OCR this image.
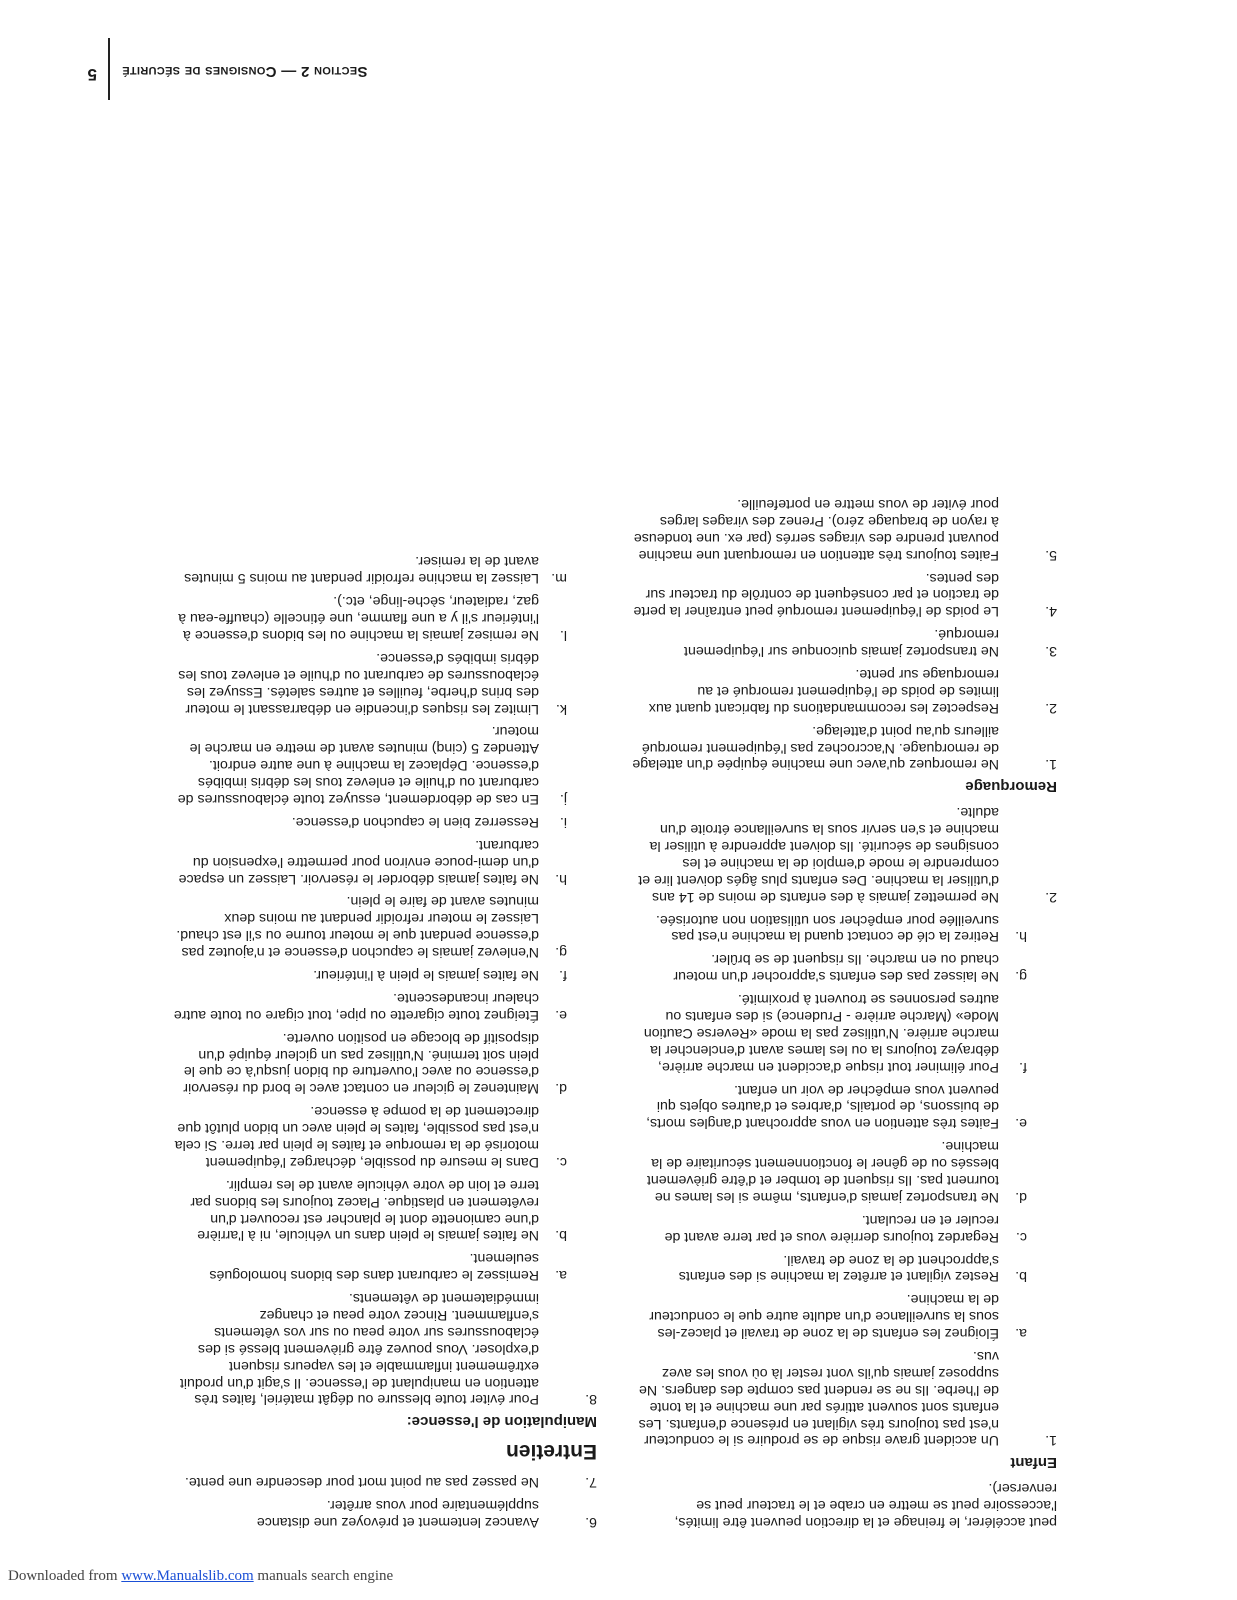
Section 2 — Consignes de sécurité
5
peut accélérer, le freinage et la direction peuvent être limités, l'accessoire peut se mettre en crabe et le tracteur peut se renverser).
Enfant
1.
Un accident grave risque de se produire si le conducteur n'est pas toujours très vigilant en présence d'enfants. Les enfants sont souvent attirés par une machine et la tonte de l'herbe. Ils ne se rendent pas compte des dangers. Ne supposez jamais qu'ils vont rester là où vous les avez vus.
a.
Éloignez les enfants de la zone de travail et placez-les sous la surveillance d'un adulte autre que le conducteur de la machine.
b.
Restez vigilant et arrêtez la machine si des enfants s'approchent de la zone de travail.
c.
Regardez toujours derrière vous et par terre avant de reculer et en reculant.
d.
Ne transportez jamais d'enfants, même si les lames ne tournent pas. Ils risquent de tomber et d'être grièvement blessés ou de gêner le fonctionnement sécuritaire de la machine.
e.
Faites très attention en vous approchant d'angles morts, de buissons, de portails, d'arbres et d'autres objets qui peuvent vous empêcher de voir un enfant.
f.
Pour éliminer tout risque d'accident en marche arrière, débrayez toujours la ou les lames avant d'enclencher la marche arrière. N'utilisez pas la mode «Reverse Caution Mode» (Marche arrière - Prudence) si des enfants ou autres personnes se trouvent à proximité.
g.
Ne laissez pas des enfants s'approcher d'un moteur chaud ou en marche. Ils risquent de se brûler.
h.
Retirez la clé de contact quand la machine n'est pas surveillée pour empêcher son utilisation non autorisée.
2.
Ne permettez jamais à des enfants de moins de 14 ans d'utiliser la machine. Des enfants plus âgés doivent lire et comprendre le mode d'emploi de la machine et les consignes de sécurité. Ils doivent apprendre à utiliser la machine et s'en servir sous la surveillance étroite d'un adulte.
Remorquage
1.
Ne remorquez qu'avec une machine équipée d'un attelage de remorquage. N'accrochez pas l'équipement remorqué ailleurs qu'au point d'attelage.
2.
Respectez les recommandations du fabricant quant aux limites de poids de l'équipement remorqué et au remorquage sur pente.
3.
Ne transportez jamais quiconque sur l'équipement remorqué.
4.
Le poids de l'équipement remorqué peut entraîner la perte de traction et par conséquent de contrôle du tracteur sur des pentes.
5.
Faites toujours très attention en remorquant une machine pouvant prendre des virages serrés (par ex. une tondeuse à rayon de braquage zéro). Prenez des virages larges pour éviter de vous mettre en portefeuille.
6.
Avancez lentement et prévoyez une distance supplémentaire pour vous arrêter.
7.
Ne passez pas au point mort pour descendre une pente.
Entretien
Manipulation de l'essence:
8.
Pour éviter toute blessure ou dégât matériel, faites très attention en manipulant de l'essence. Il s'agit d'un produit extrêmement inflammable et les vapeurs risquent d'exploser. Vous pouvez être grièvement blessé si des éclaboussures sur votre peau ou sur vos vêtements s'enflamment. Rincez votre peau et changez immédiatement de vêtements.
a.
Remissez le carburant dans des bidons homologués seulement.
b.
Ne faites jamais le plein dans un véhicule, ni à l'arrière d'une camionette dont le plancher est recouvert d'un revêtement en plastique. Placez toujours les bidons par terre et loin de votre véhicule avant de les remplir.
c.
Dans le mesure du possible, déchargez l'équipement motorisé de la remorque et faites le plein par terre. Si cela n'est pas possible, faites le plein avec un bidon plutôt que directement de la pompe à essence.
d.
Maintenez le gicleur en contact avec le bord du réservoir d'essence ou avec l'ouverture du bidon jusqu'à ce que le plein soit terminé. N'utilisez pas un gicleur équipé d'un dispositif de blocage en position ouverte.
e.
Éteignez toute cigarette ou pipe, tout cigare ou toute autre chaleur incandescente.
f.
Ne faites jamais le plein à l'intérieur.
g.
N'enlevez jamais le capuchon d'essence et n'ajoutez pas d'essence pendant que le moteur tourne ou s'il est chaud. Laissez le moteur refroidir pendant au moins deux minutes avant de faire le plein.
h.
Ne faites jamais déborder le réservoir. Laissez un espace d'un demi-pouce environ pour permettre l'expension du carburant.
i.
Resserrez bien le capuchon d'essence.
j.
En cas de débordement, essuyez toute éclaboussures de carburant ou d'huile et enlevez tous les débris imbibés d'essence. Déplacez la machine à une autre endroit. Attendez 5 (cinq) minutes avant de mettre en marche le moteur.
k.
Limitez les risques d'incendie en débarrassant le moteur des brins d'herbe, feuilles et autres saletés. Essuyez les éclaboussures de carburant ou d'huile et enlevez tous les débris imbibés d'essence.
l.
Ne remisez jamais la machine ou les bidons d'essence à l'intérieur s'il y a une flamme, une étincelle (chauffe-eau à gaz, radiateur, sèche-linge, etc.).
m.
Laissez la machine refroidir pendant au moins 5 minutes avant de la remiser.
Downloaded from www.Manualslib.com manuals search engine
